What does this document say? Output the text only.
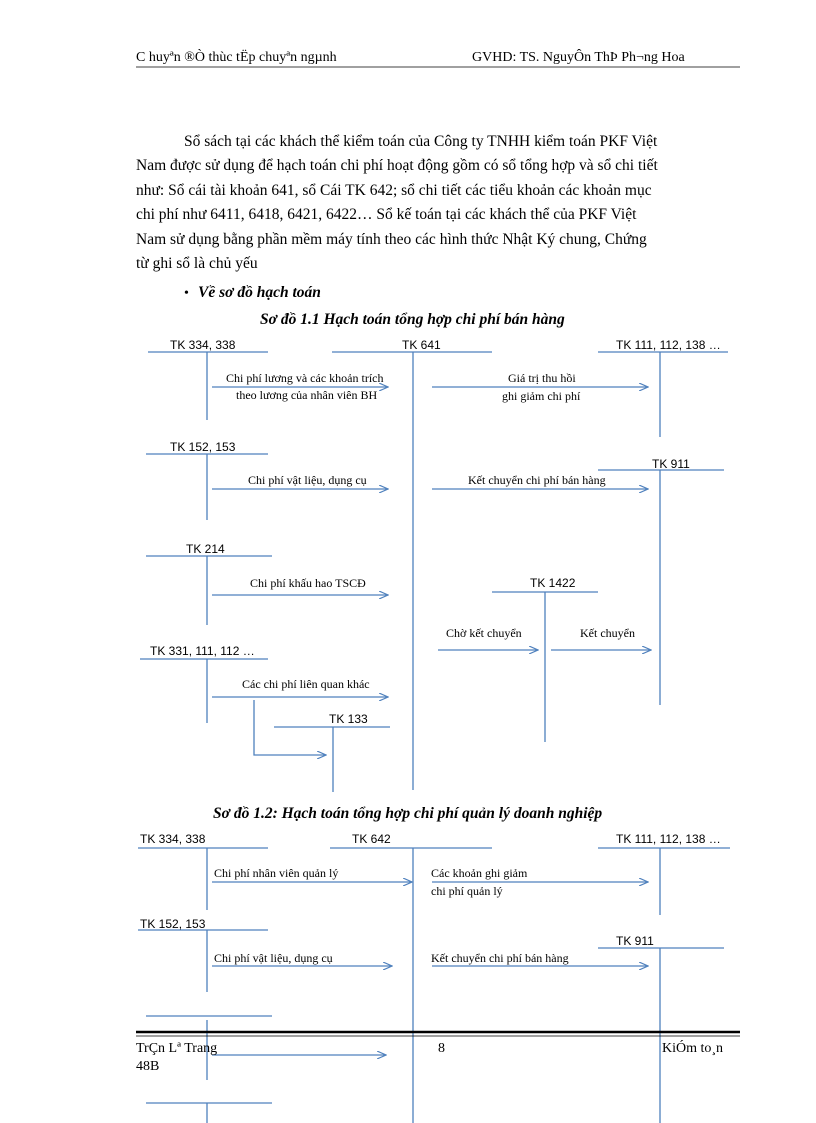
C huyªn ®Ò thùc tËp chuyªn ngµnh	GVHD: TS. NguyÔn ThÞ Ph¬ng Hoa
Sổ sách tại các khách thể kiểm toán của Công ty TNHH kiểm toán PKF Việt
Nam được sử dụng để hạch toán chi phí hoạt động gồm có sổ tổng hợp và sổ chi tiết
như: Sổ cái tài khoản 641, sổ Cái TK 642; sổ chi tiết các tiểu khoản các khoản mục
chi phí như 6411, 6418, 6421, 6422… Sổ kế toán tại các khách thể của PKF Việt
Nam sử dụng bằng phần mềm máy tính theo các hình thức Nhật Ký chung, Chứng
từ ghi sổ là chủ yếu
• Về sơ đồ hạch toán
Sơ đồ 1.1 Hạch toán tổng hợp chi phí bán hàng
TK 334, 338	TK 641	TK 111, 112, 138 …
TK 152, 153
TK 911
TK 214
TK 1422
TK 331, 111, 112 …
TK 133
Chi phí lương và các khoản trích
theo lương của nhân viên BH
Giá trị thu hồi
ghi giảm chi phí
Chi phí vật liệu, dụng cụ	Kết chuyển chi phí bán hàng
Chi phí khấu hao TSCĐ
Chờ kết chuyển	Kết chuyển
Các chi phí liên quan khác
Sơ đồ 1.2: Hạch toán tổng hợp chi phí quản lý doanh nghiệp
TK 334, 338	TK 642	TK 111, 112, 138 …
TK 152, 153
TK 911
Chi phí nhân viên quản lý	Các khoản ghi giảm
chi phí quản lý
Chi phí vật liệu, dụng cụ	Kết chuyển chi phí bán hàng
TrÇn Lª Trang
48B
8	KiÓm to¸n
